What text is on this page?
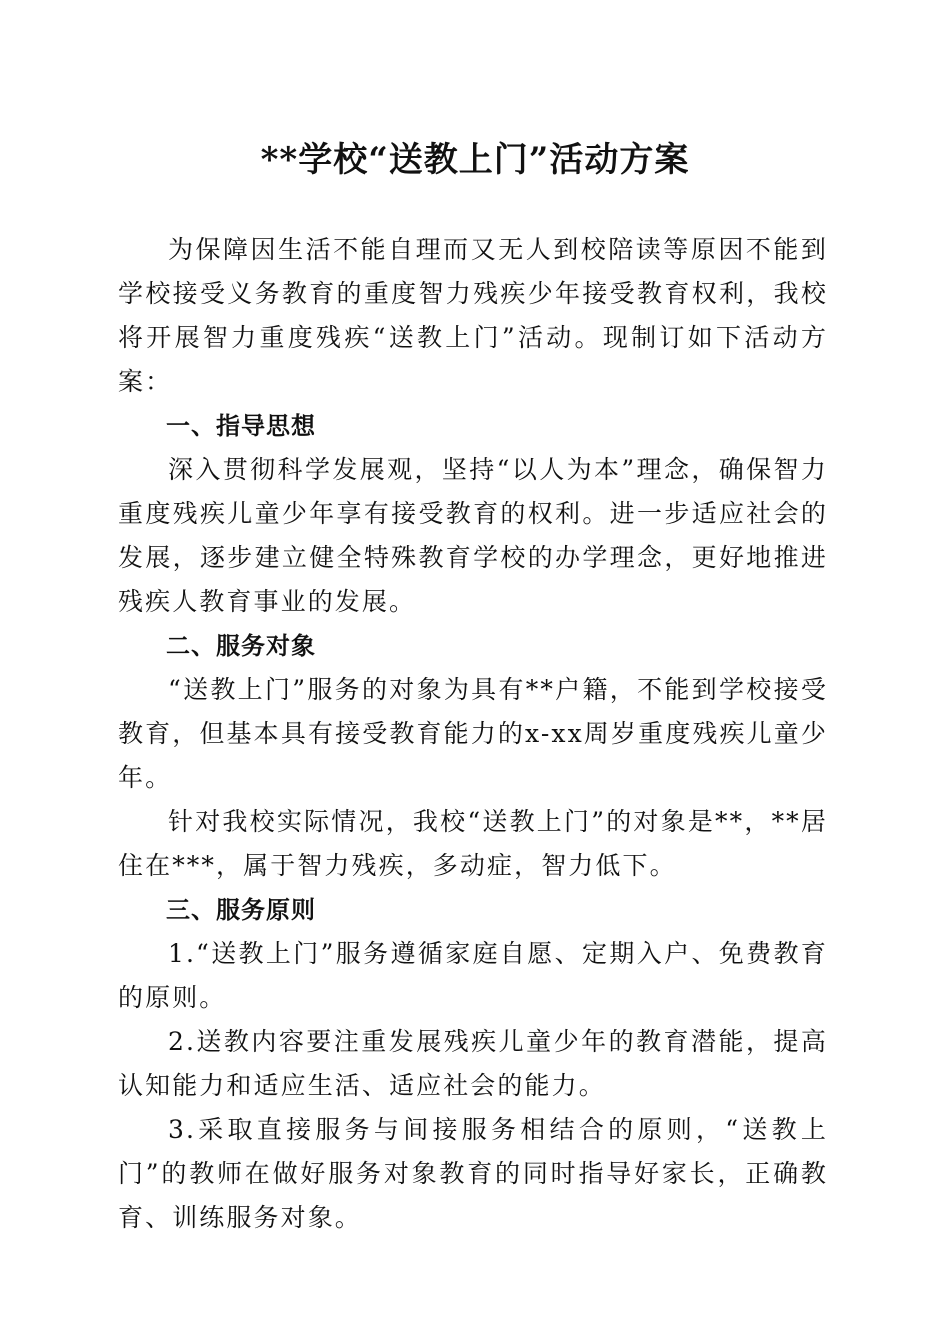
**学校“送教上门”活动方案

为保障因生活不能自理而又无人到校陪读等原因不能到学校接受义务教育的重度智力残疾少年接受教育权利，我校将开展智力重度残疾“送教上门”活动。现制订如下活动方案：

一、指导思想

深入贯彻科学发展观，坚持“以人为本”理念，确保智力重度残疾儿童少年享有接受教育的权利。进一步适应社会的发展，逐步建立健全特殊教育学校的办学理念，更好地推进残疾人教育事业的发展。

二、服务对象

“送教上门”服务的对象为具有**户籍，不能到学校接受教育，但基本具有接受教育能力的x-xx周岁重度残疾儿童少年。

针对我校实际情况，我校“送教上门”的对象是**，**居住在***，属于智力残疾，多动症，智力低下。

三、服务原则

1.“送教上门”服务遵循家庭自愿、定期入户、免费教育的原则。

2.送教内容要注重发展残疾儿童少年的教育潜能，提高认知能力和适应生活、适应社会的能力。

3.采取直接服务与间接服务相结合的原则，“送教上门”的教师在做好服务对象教育的同时指导好家长，正确教育、训练服务对象。
